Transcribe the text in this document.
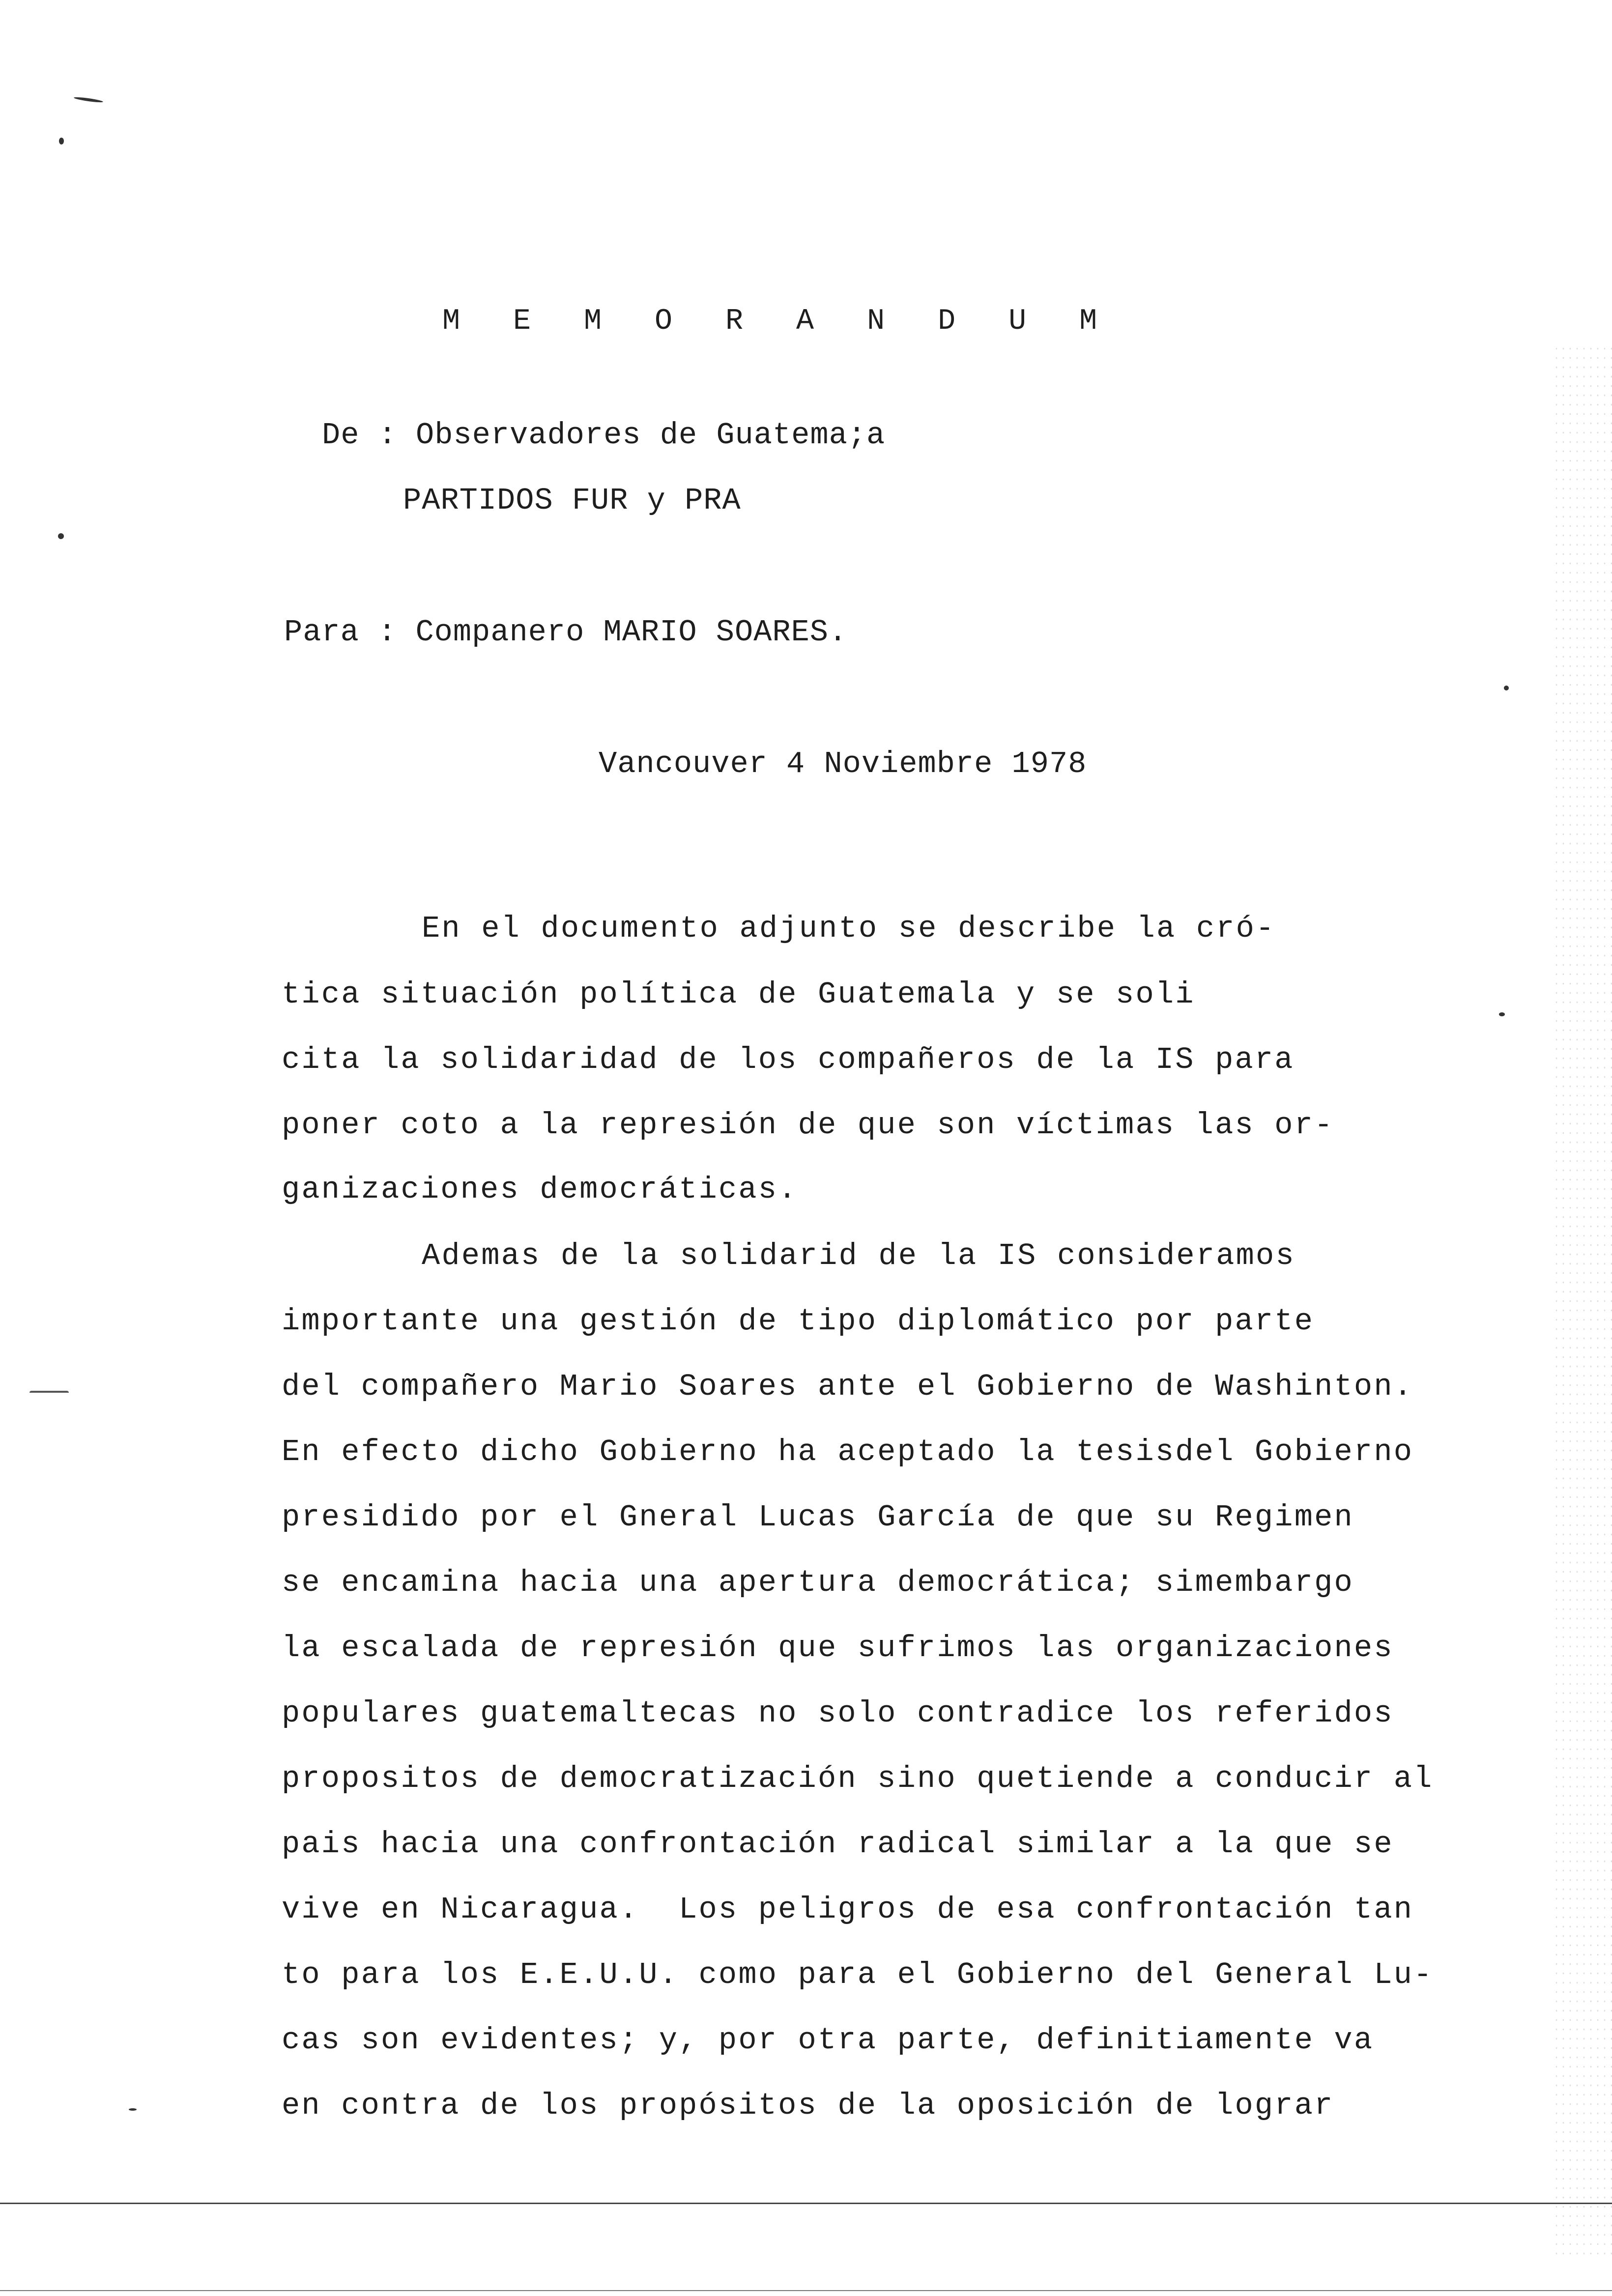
M E M O R A N D U M
De : Observadores de Guatema;a
PARTIDOS FUR y PRA
Para : Companero MARIO SOARES.
Vancouver 4 Noviembre 1978
En el documento adjunto se describe la cró-
tica situación política de Guatemala y se soli
cita la solidaridad de los compañeros de la IS para
poner coto a la represión de que son víctimas las or-
ganizaciones democráticas.
Ademas de la solidarid de la IS consideramos
importante una gestión de tipo diplomático por parte
del compañero Mario Soares ante el Gobierno de Washinton.
En efecto dicho Gobierno ha aceptado la tesisdel Gobierno
presidido por el Gneral Lucas García de que su Regimen
se encamina hacia una apertura democrática; simembargo
la escalada de represión que sufrimos las organizaciones
populares guatemaltecas no solo contradice los referidos
propositos de democratización sino quetiende a conducir al
pais hacia una confrontación radical similar a la que se
vive en Nicaragua.  Los peligros de esa confrontación tan
to para los E.E.U.U. como para el Gobierno del General Lu-
cas son evidentes; y, por otra parte, definitiamente va
en contra de los propósitos de la oposición de lograr
